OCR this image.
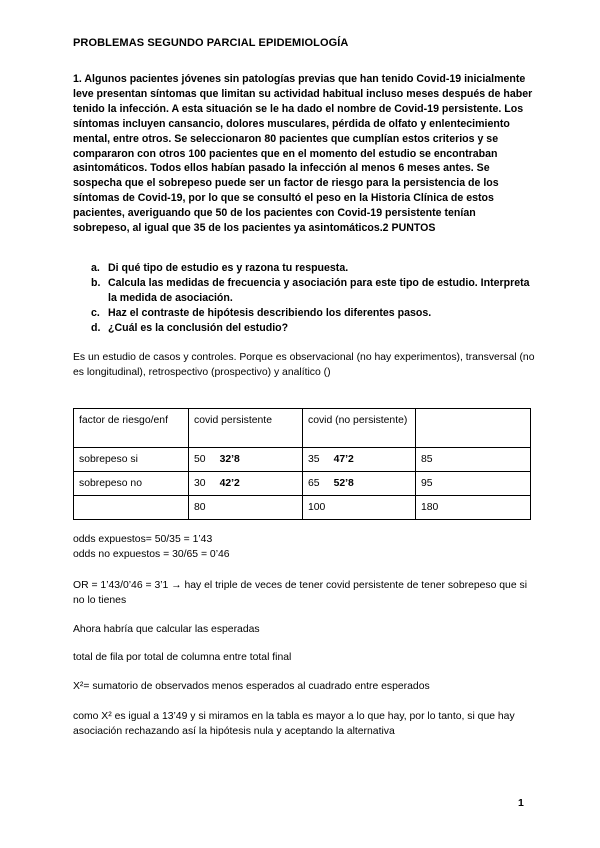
PROBLEMAS SEGUNDO PARCIAL EPIDEMIOLOGÍA

1. Algunos pacientes jóvenes sin patologías previas que han tenido Covid-19 inicialmente leve presentan síntomas que limitan su actividad habitual incluso meses después de haber tenido la infección. A esta situación se le ha dado el nombre de Covid-19 persistente. Los síntomas incluyen cansancio, dolores musculares, pérdida de olfato y enlentecimiento mental, entre otros. Se seleccionaron 80 pacientes que cumplían estos criterios y se compararon con otros 100 pacientes que en el momento del estudio se encontraban asintomáticos. Todos ellos habían pasado la infección al menos 6 meses antes. Se sospecha que el sobrepeso puede ser un factor de riesgo para la persistencia de los síntomas de Covid-19, por lo que se consultó el peso en la Historia Clínica de estos pacientes, averiguando que 50 de los pacientes con Covid-19 persistente tenían sobrepeso, al igual que 35 de los pacientes ya asintomáticos.2 PUNTOS

a. Di qué tipo de estudio es y razona tu respuesta.
b. Calcula las medidas de frecuencia y asociación para este tipo de estudio. Interpreta la medida de asociación.
c. Haz el contraste de hipótesis describiendo los diferentes pasos.
d. ¿Cuál es la conclusión del estudio?
Es un estudio de casos y controles. Porque es observacional (no hay experimentos), transversal (no es longitudinal), retrospectivo (prospectivo) y analítico ()
factor de riesgo/enf	covid persistente	covid (no persistente)	
sobrepeso si	50 32’8	35 47’2	85
sobrepeso no	30 42’2	65 52’8	95
	80	100	180
odds expuestos= 50/35 = 1’43
odds no expuestos = 30/65 = 0’46
OR = 1’43/0’46 = 3’1 → hay el triple de veces de tener covid persistente de tener sobrepeso que si no lo tienes
Ahora habría que calcular las esperadas
total de fila por total de columna entre total final
X²= sumatorio de observados menos esperados al cuadrado entre esperados
como X² es igual a 13’49 y si miramos en la tabla es mayor a lo que hay, por lo tanto, si que hay asociación rechazando así la hipótesis nula y aceptando la alternativa
1
